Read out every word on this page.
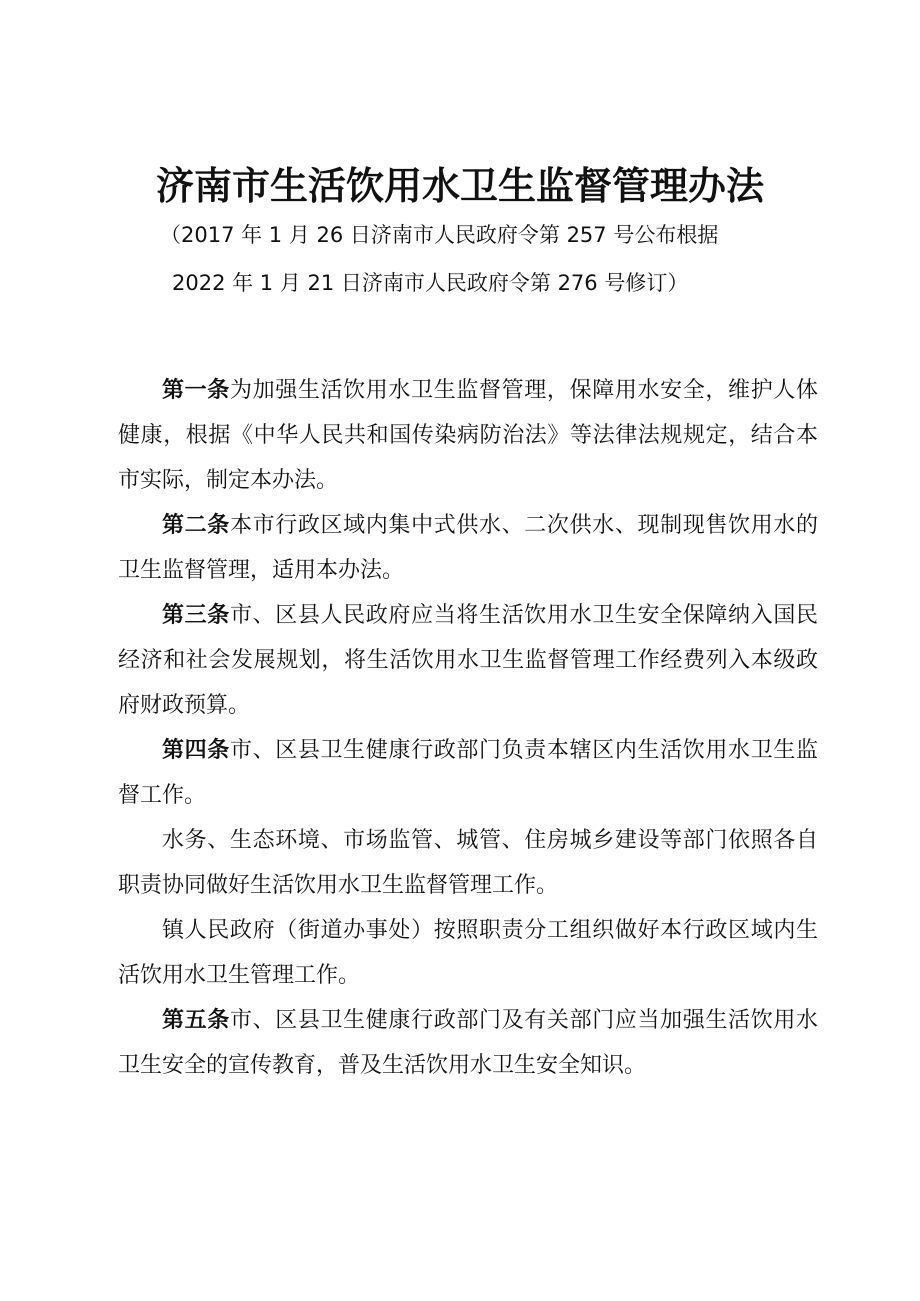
济南市生活饮用水卫生监督管理办法
（2017 年 1 月 26 日济南市人民政府令第 257 号公布根据
2022 年 1 月 21 日济南市人民政府令第 276 号修订）

第一条为加强生活饮用水卫生监督管理，保障用水安全，维护人体健康，根据《中华人民共和国传染病防治法》等法律法规规定，结合本市实际，制定本办法。

第二条本市行政区域内集中式供水、二次供水、现制现售饮用水的卫生监督管理，适用本办法。

第三条市、区县人民政府应当将生活饮用水卫生安全保障纳入国民经济和社会发展规划，将生活饮用水卫生监督管理工作经费列入本级政府财政预算。

第四条市、区县卫生健康行政部门负责本辖区内生活饮用水卫生监督工作。

水务、生态环境、市场监管、城管、住房城乡建设等部门依照各自职责协同做好生活饮用水卫生监督管理工作。

镇人民政府（街道办事处）按照职责分工组织做好本行政区域内生活饮用水卫生管理工作。

第五条市、区县卫生健康行政部门及有关部门应当加强生活饮用水卫生安全的宣传教育，普及生活饮用水卫生安全知识。
